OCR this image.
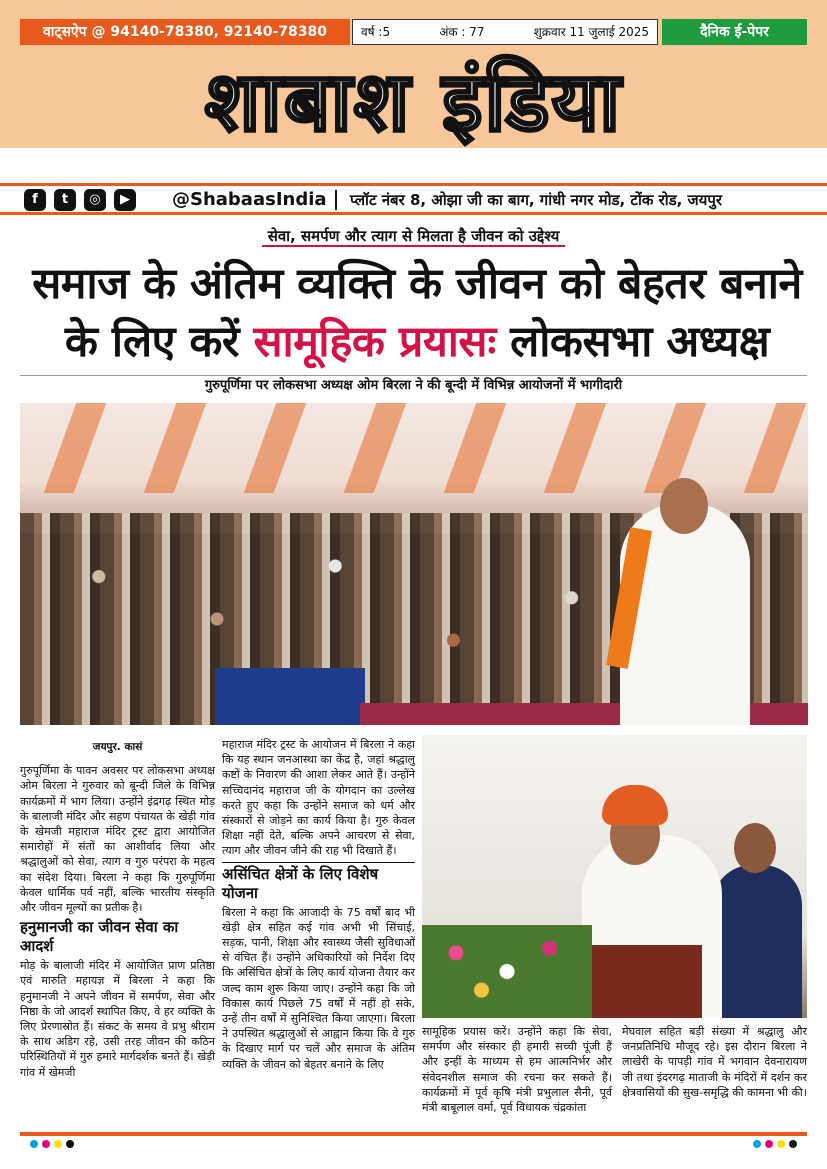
वाट्सऐप @ 94140-78380, 92140-78380	वर्ष :5	अंक : 77	शुक्रवार 11 जुलाई 2025	दैनिक ई-पेपर
शाबाश इंडिया
f	t	◎	▶	@ShabaasIndia प्लॉट नंबर 8, ओझा जी का बाग, गांधी नगर मोड, टोंक रोड, जयपुर
सेवा, समर्पण और त्याग से मिलता है जीवन को उद्देश्य
समाज के अंतिम व्यक्ति के जीवन को बेहतर बनाने के लिए करें सामूहिक प्रयासः लोकसभा अध्यक्ष
गुरुपूर्णिमा पर लोकसभा अध्यक्ष ओम बिरला ने की बून्दी में विभिन्न आयोजनों में भागीदारी
जयपुर. कासं

गुरुपूर्णिमा के पावन अवसर पर लोकसभा अध्यक्ष ओम बिरला ने गुरुवार को बून्दी जिले के विभिन्न कार्यक्रमों में भाग लिया। उन्होंने इंद्रगढ़ स्थित मोड़ के बालाजी मंदिर और सहण पंचायत के खेड़ी गांव के खेमजी महाराज मंदिर ट्रस्ट द्वारा आयोजित समारोहों में संतों का आशीर्वाद लिया और श्रद्धालुओं को सेवा, त्याग व गुरु परंपरा के महत्व का संदेश दिया। बिरला ने कहा कि गुरुपूर्णिमा केवल धार्मिक पर्व नहीं, बल्कि भारतीय संस्कृति और जीवन मूल्यों का प्रतीक है।

हनुमानजी का जीवन सेवा का आदर्श

मोड़ के बालाजी मंदिर में आयोजित प्राण प्रतिष्ठा एवं मारुति महायज्ञ में बिरला ने कहा कि हनुमानजी ने अपने जीवन में समर्पण, सेवा और निष्ठा के जो आदर्श स्थापित किए, वे हर व्यक्ति के लिए प्रेरणास्रोत हैं। संकट के समय वे प्रभु श्रीराम के साथ अडिग रहे, उसी तरह जीवन की कठिन परिस्थितियों में गुरु हमारे मार्गदर्शक बनते हैं। खेड़ी गांव में खेमजी

महाराज मंदिर ट्रस्ट के आयोजन में बिरला ने कहा कि यह स्थान जनआस्था का केंद्र है, जहां श्रद्धालु कष्टों के निवारण की आशा लेकर आते हैं। उन्होंने सच्चिदानंद महाराज जी के योगदान का उल्लेख करते हुए कहा कि उन्होंने समाज को धर्म और संस्कारों से जोड़ने का कार्य किया है। गुरु केवल शिक्षा नहीं देते, बल्कि अपने आचरण से सेवा, त्याग और जीवन जीने की राह भी दिखाते हैं।

असिंचित क्षेत्रों के लिए विशेष योजना

बिरला ने कहा कि आजादी के 75 वर्षों बाद भी खेड़ी क्षेत्र सहित कई गांव अभी भी सिंचाई, सड़क, पानी, शिक्षा और स्वास्थ्य जैसी सुविधाओं से वंचित हैं। उन्होंने अधिकारियों को निर्देश दिए कि असिंचित क्षेत्रों के लिए कार्य योजना तैयार कर जल्द काम शुरू किया जाए। उन्होंने कहा कि जो विकास कार्य पिछले 75 वर्षों में नहीं हो सके, उन्हें तीन वर्षों में सुनिश्चित किया जाएगा। बिरला ने उपस्थित श्रद्धालुओं से आह्वान किया कि वे गुरु के दिखाए मार्ग पर चलें और समाज के अंतिम व्यक्ति के जीवन को बेहतर बनाने के लिए

सामूहिक प्रयास करें। उन्होंने कहा कि सेवा, समर्पण और संस्कार ही हमारी सच्ची पूंजी हैं और इन्हीं के माध्यम से हम आत्मनिर्भर और संवेदनशील समाज की रचना कर सकते हैं। कार्यक्रमों में पूर्व कृषि मंत्री प्रभुलाल सैनी, पूर्व मंत्री बाबूलाल वर्मा, पूर्व विधायक चंद्रकांता

मेघवाल सहित बड़ी संख्या में श्रद्धालु और जनप्रतिनिधि मौजूद रहे। इस दौरान बिरला ने लाखेरी के पापड़ी गांव में भगवान देवनारायण जी तथा इंदरगढ़ माताजी के मंदिरों में दर्शन कर क्षेत्रवासियों की सुख-समृद्धि की कामना भी की।
